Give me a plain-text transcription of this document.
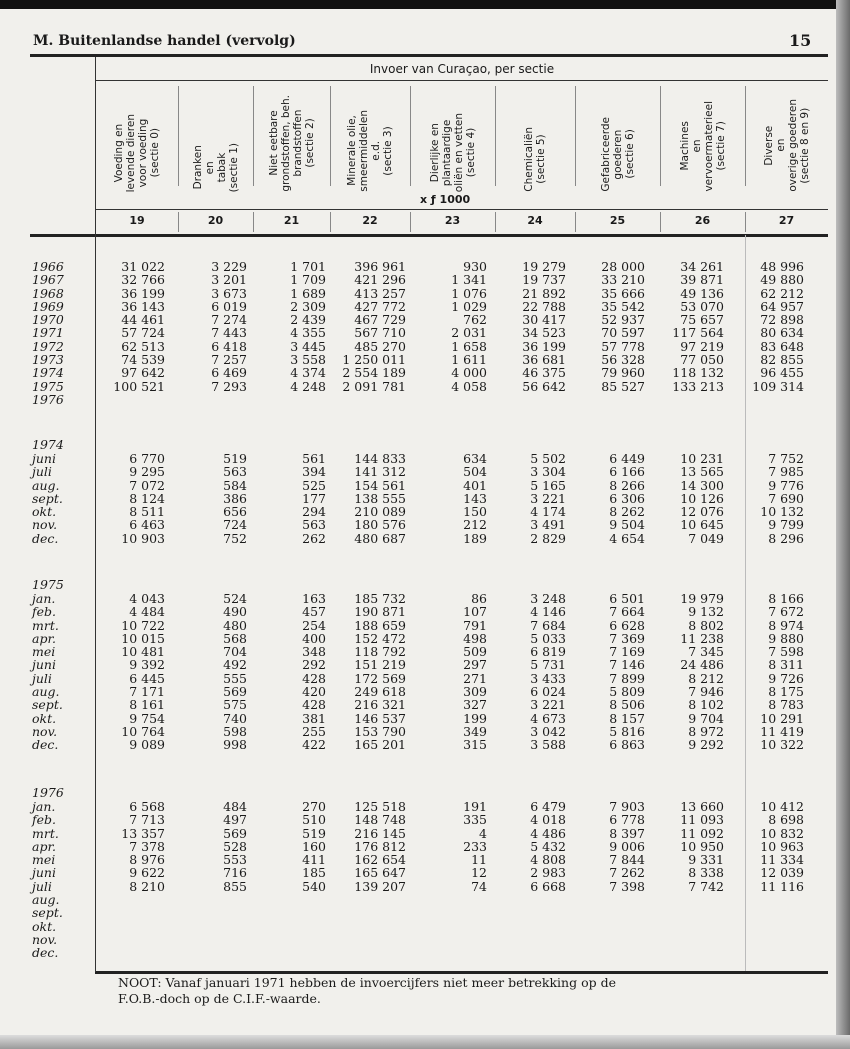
M. Buitenlandse handel (vervolg)	15
Invoer van Curaçao, per sectie
Voeding en
levende dieren
voor voeding
(sectie 0)
19
Dranken
en
tabak
(sectie 1)
20
Niet eetbare
grondstoffen, beh.
brandstoffen
(sectie 2)
21
Minerale olie,
smeermiddelen
e.d.
(sectie 3)
22
Dierlijke en
plantaardige
oliën en vetten
(sectie 4)
23
Chemicaliën
(sectie 5)
24
Gefabriceerde
goederen
(sectie 6)
25
Machines
en
vervoermaterieel
(sectie 7)
26
Diverse
en
overige goederen
(sectie 8 en 9)
27
x ƒ 1000
1966	31 022	3 229	1 701	396 961	930	19 279	28 000	34 261	48 996
1967	32 766	3 201	1 709	421 296	1 341	19 737	33 210	39 871	49 880
1968	36 199	3 673	1 689	413 257	1 076	21 892	35 666	49 136	62 212
1969	36 143	6 019	2 309	427 772	1 029	22 788	35 542	53 070	64 957
1970	44 461	7 274	2 439	467 729	762	30 417	52 937	75 657	72 898
1971	57 724	7 443	4 355	567 710	2 031	34 523	70 597	117 564	80 634
1972	62 513	6 418	3 445	485 270	1 658	36 199	57 778	97 219	83 648
1973	74 539	7 257	3 558	1 250 011	1 611	36 681	56 328	77 050	82 855
1974	97 642	6 469	4 374	2 554 189	4 000	46 375	79 960	118 132	96 455
1975	100 521	7 293	4 248	2 091 781	4 058	56 642	85 527	133 213	109 314
1976
1974
juni	6 770	519	561	144 833	634	5 502	6 449	10 231	7 752
juli	9 295	563	394	141 312	504	3 304	6 166	13 565	7 985
aug.	7 072	584	525	154 561	401	5 165	8 266	14 300	9 776
sept.	8 124	386	177	138 555	143	3 221	6 306	10 126	7 690
okt.	8 511	656	294	210 089	150	4 174	8 262	12 076	10 132
nov.	6 463	724	563	180 576	212	3 491	9 504	10 645	9 799
dec.	10 903	752	262	480 687	189	2 829	4 654	7 049	8 296
1975
jan.	4 043	524	163	185 732	86	3 248	6 501	19 979	8 166
feb.	4 484	490	457	190 871	107	4 146	7 664	9 132	7 672
mrt.	10 722	480	254	188 659	791	7 684	6 628	8 802	8 974
apr.	10 015	568	400	152 472	498	5 033	7 369	11 238	9 880
mei	10 481	704	348	118 792	509	6 819	7 169	7 345	7 598
juni	9 392	492	292	151 219	297	5 731	7 146	24 486	8 311
juli	6 445	555	428	172 569	271	3 433	7 899	8 212	9 726
aug.	7 171	569	420	249 618	309	6 024	5 809	7 946	8 175
sept.	8 161	575	428	216 321	327	3 221	8 506	8 102	8 783
okt.	9 754	740	381	146 537	199	4 673	8 157	9 704	10 291
nov.	10 764	598	255	153 790	349	3 042	5 816	8 972	11 419
dec.	9 089	998	422	165 201	315	3 588	6 863	9 292	10 322
1976
jan.	6 568	484	270	125 518	191	6 479	7 903	13 660	10 412
feb.	7 713	497	510	148 748	335	4 018	6 778	11 093	8 698
mrt.	13 357	569	519	216 145	4	4 486	8 397	11 092	10 832
apr.	7 378	528	160	176 812	233	5 432	9 006	10 950	10 963
mei	8 976	553	411	162 654	11	4 808	7 844	9 331	11 334
juni	9 622	716	185	165 647	12	2 983	7 262	8 338	12 039
juli	8 210	855	540	139 207	74	6 668	7 398	7 742	11 116
aug.
sept.
okt.
nov.
dec.
NOOT: Vanaf januari 1971 hebben de invoercijfers niet meer betrekking op de
F.O.B.-doch op de C.I.F.-waarde.
